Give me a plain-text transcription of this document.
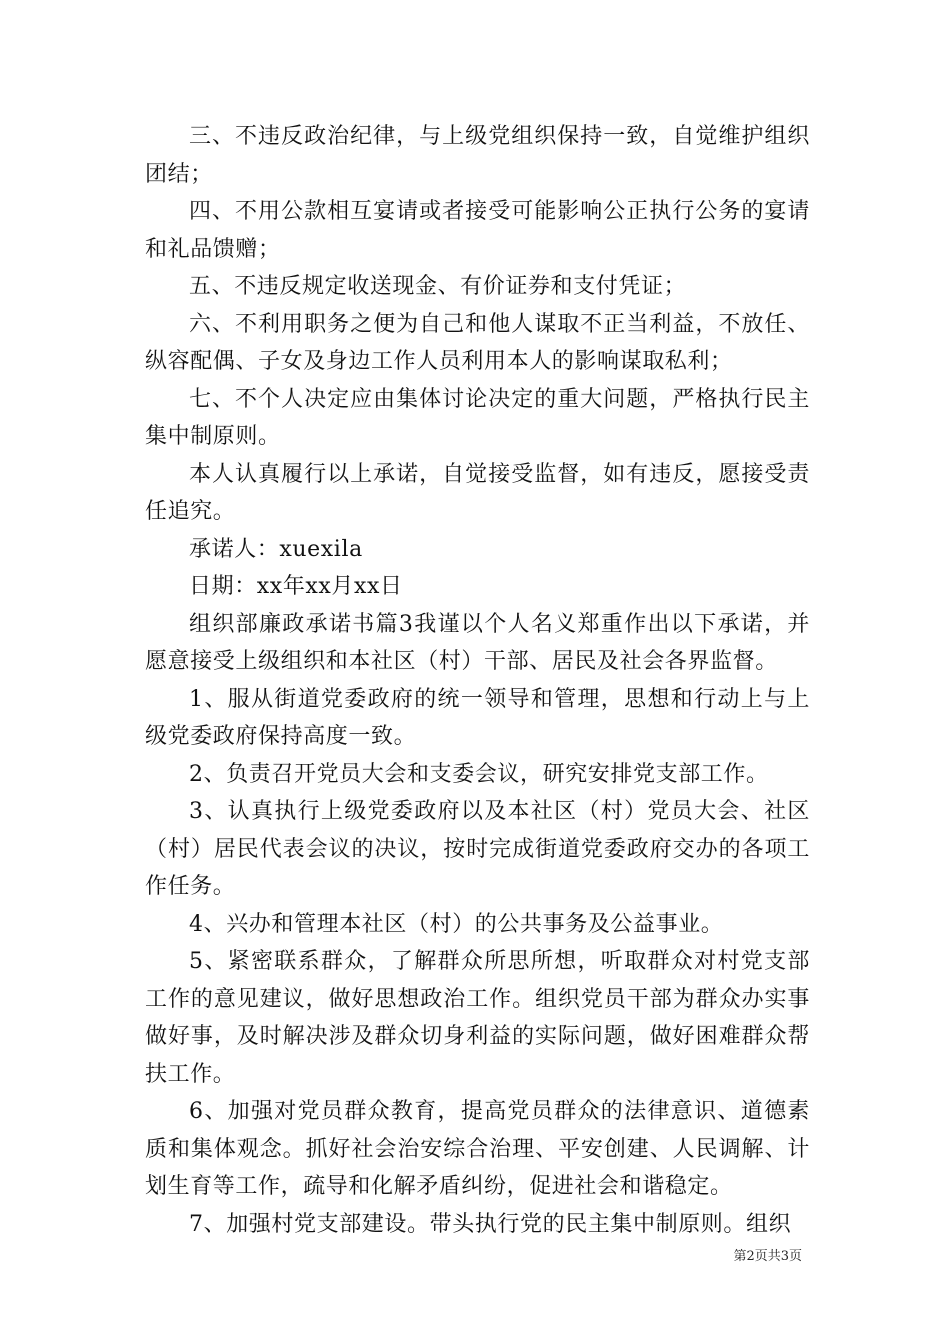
三、不违反政治纪律，与上级党组织保持一致，自觉维护组织团结；

四、不用公款相互宴请或者接受可能影响公正执行公务的宴请和礼品馈赠；

五、不违反规定收送现金、有价证券和支付凭证；

六、不利用职务之便为自己和他人谋取不正当利益，不放任、纵容配偶、子女及身边工作人员利用本人的影响谋取私利；

七、不个人决定应由集体讨论决定的重大问题，严格执行民主集中制原则。

本人认真履行以上承诺，自觉接受监督，如有违反，愿接受责任追究。

承诺人：xuexila

日期：xx年xx月xx日

组织部廉政承诺书篇3我谨以个人名义郑重作出以下承诺，并愿意接受上级组织和本社区（村）干部、居民及社会各界监督。

1、服从街道党委政府的统一领导和管理，思想和行动上与上级党委政府保持高度一致。

2、负责召开党员大会和支委会议，研究安排党支部工作。

3、认真执行上级党委政府以及本社区（村）党员大会、社区（村）居民代表会议的决议，按时完成街道党委政府交办的各项工作任务。

4、兴办和管理本社区（村）的公共事务及公益事业。

5、紧密联系群众，了解群众所思所想，听取群众对村党支部工作的意见建议，做好思想政治工作。组织党员干部为群众办实事做好事，及时解决涉及群众切身利益的实际问题，做好困难群众帮扶工作。

6、加强对党员群众教育，提高党员群众的法律意识、道德素质和集体观念。抓好社会治安综合治理、平安创建、人民调解、计划生育等工作，疏导和化解矛盾纠纷，促进社会和谐稳定。

7、加强村党支部建设。带头执行党的民主集中制原则。组织

第2页共3页
